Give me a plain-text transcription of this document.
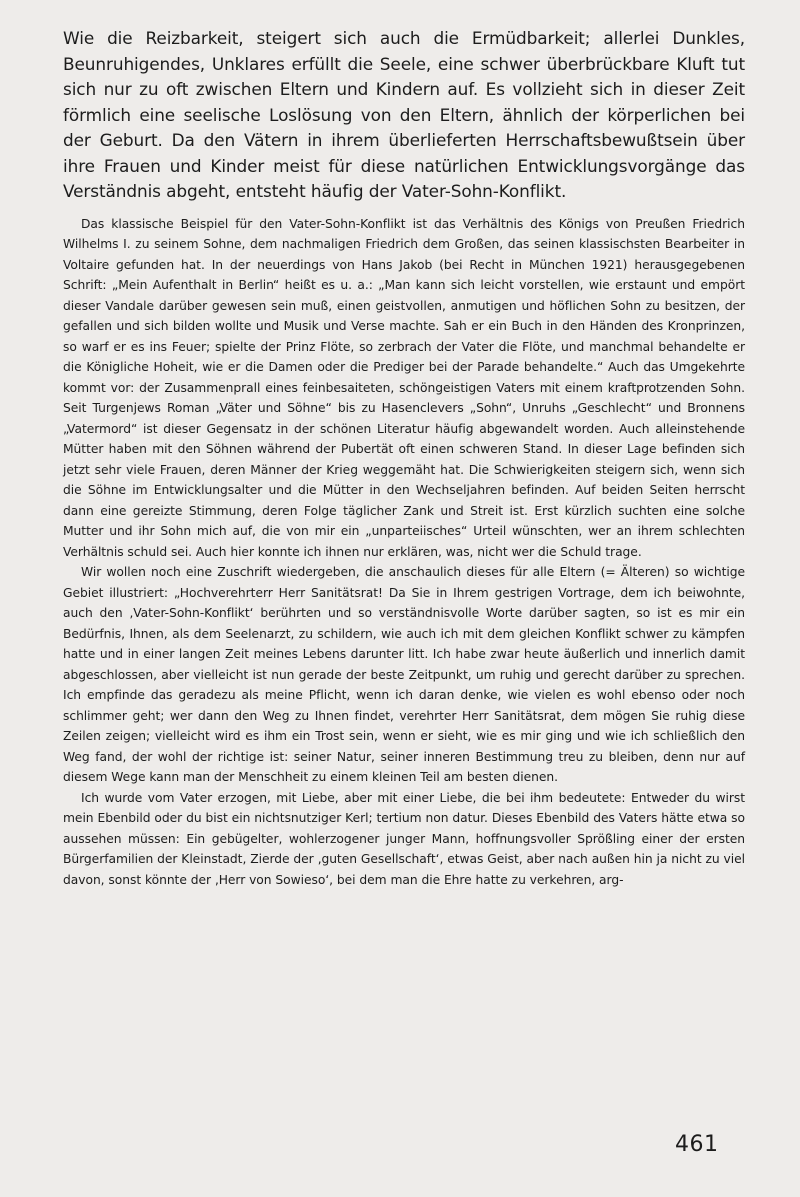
Wie die Reizbarkeit, steigert sich auch die Ermüdbarkeit; allerlei Dunkles, Beunruhigendes, Unklares erfüllt die Seele, eine schwer überbrückbare Kluft tut sich nur zu oft zwischen Eltern und Kindern auf. Es vollzieht sich in dieser Zeit förmlich eine seelische Loslösung von den Eltern, ähnlich der körperlichen bei der Geburt. Da den Vätern in ihrem überlieferten Herrschaftsbewußtsein über ihre Frauen und Kinder meist für diese natürlichen Entwicklungsvorgänge das Verständnis abgeht, entsteht häufig der Vater-Sohn-Konflikt.

Das klassische Beispiel für den Vater-Sohn-Konflikt ist das Verhältnis des Königs von Preußen Friedrich Wilhelms I. zu seinem Sohne, dem nachmaligen Friedrich dem Großen, das seinen klassischsten Bearbeiter in Voltaire gefunden hat. In der neuerdings von Hans Jakob (bei Recht in München 1921) herausgegebenen Schrift: „Mein Aufenthalt in Berlin“ heißt es u. a.: „Man kann sich leicht vorstellen, wie erstaunt und empört dieser Vandale darüber gewesen sein muß, einen geistvollen, anmutigen und höflichen Sohn zu besitzen, der gefallen und sich bilden wollte und Musik und Verse machte. Sah er ein Buch in den Händen des Kronprinzen, so warf er es ins Feuer; spielte der Prinz Flöte, so zerbrach der Vater die Flöte, und manchmal behandelte er die Königliche Hoheit, wie er die Damen oder die Prediger bei der Parade behandelte.“ Auch das Umgekehrte kommt vor: der Zusammenprall eines feinbesaiteten, schöngeistigen Vaters mit einem kraftprotzenden Sohn. Seit Turgenjews Roman „Väter und Söhne“ bis zu Hasenclevers „Sohn“, Unruhs „Geschlecht“ und Bronnens „Vatermord“ ist dieser Gegensatz in der schönen Literatur häufig abgewandelt worden. Auch alleinstehende Mütter haben mit den Söhnen während der Pubertät oft einen schweren Stand. In dieser Lage befinden sich jetzt sehr viele Frauen, deren Männer der Krieg weggemäht hat. Die Schwierigkeiten steigern sich, wenn sich die Söhne im Entwicklungsalter und die Mütter in den Wechseljahren befinden. Auf beiden Seiten herrscht dann eine gereizte Stimmung, deren Folge täglicher Zank und Streit ist. Erst kürzlich suchten eine solche Mutter und ihr Sohn mich auf, die von mir ein „unparteiisches“ Urteil wünschten, wer an ihrem schlechten Verhältnis schuld sei. Auch hier konnte ich ihnen nur erklären, was, nicht wer die Schuld trage.

Wir wollen noch eine Zuschrift wiedergeben, die anschaulich dieses für alle Eltern (= Älteren) so wichtige Gebiet illustriert: „Hochverehrterr Herr Sanitätsrat! Da Sie in Ihrem gestrigen Vortrage, dem ich beiwohnte, auch den ‚Vater-Sohn-Konflikt‘ berührten und so verständnisvolle Worte darüber sagten, so ist es mir ein Bedürfnis, Ihnen, als dem Seelenarzt, zu schildern, wie auch ich mit dem gleichen Konflikt schwer zu kämpfen hatte und in einer langen Zeit meines Lebens darunter litt. Ich habe zwar heute äußerlich und innerlich damit abgeschlossen, aber vielleicht ist nun gerade der beste Zeitpunkt, um ruhig und gerecht darüber zu sprechen. Ich empfinde das geradezu als meine Pflicht, wenn ich daran denke, wie vielen es wohl ebenso oder noch schlimmer geht; wer dann den Weg zu Ihnen findet, verehrter Herr Sanitätsrat, dem mögen Sie ruhig diese Zeilen zeigen; vielleicht wird es ihm ein Trost sein, wenn er sieht, wie es mir ging und wie ich schließlich den Weg fand, der wohl der richtige ist: seiner Natur, seiner inneren Bestimmung treu zu bleiben, denn nur auf diesem Wege kann man der Menschheit zu einem kleinen Teil am besten dienen.

Ich wurde vom Vater erzogen, mit Liebe, aber mit einer Liebe, die bei ihm bedeutete: Entweder du wirst mein Ebenbild oder du bist ein nichtsnutziger Kerl; tertium non datur. Dieses Ebenbild des Vaters hätte etwa so aussehen müssen: Ein gebügelter, wohlerzogener junger Mann, hoffnungsvoller Sprößling einer der ersten Bürgerfamilien der Kleinstadt, Zierde der ‚guten Gesellschaft‘, etwas Geist, aber nach außen hin ja nicht zu viel davon, sonst könnte der ‚Herr von Sowieso‘, bei dem man die Ehre hatte zu verkehren, arg-

461
